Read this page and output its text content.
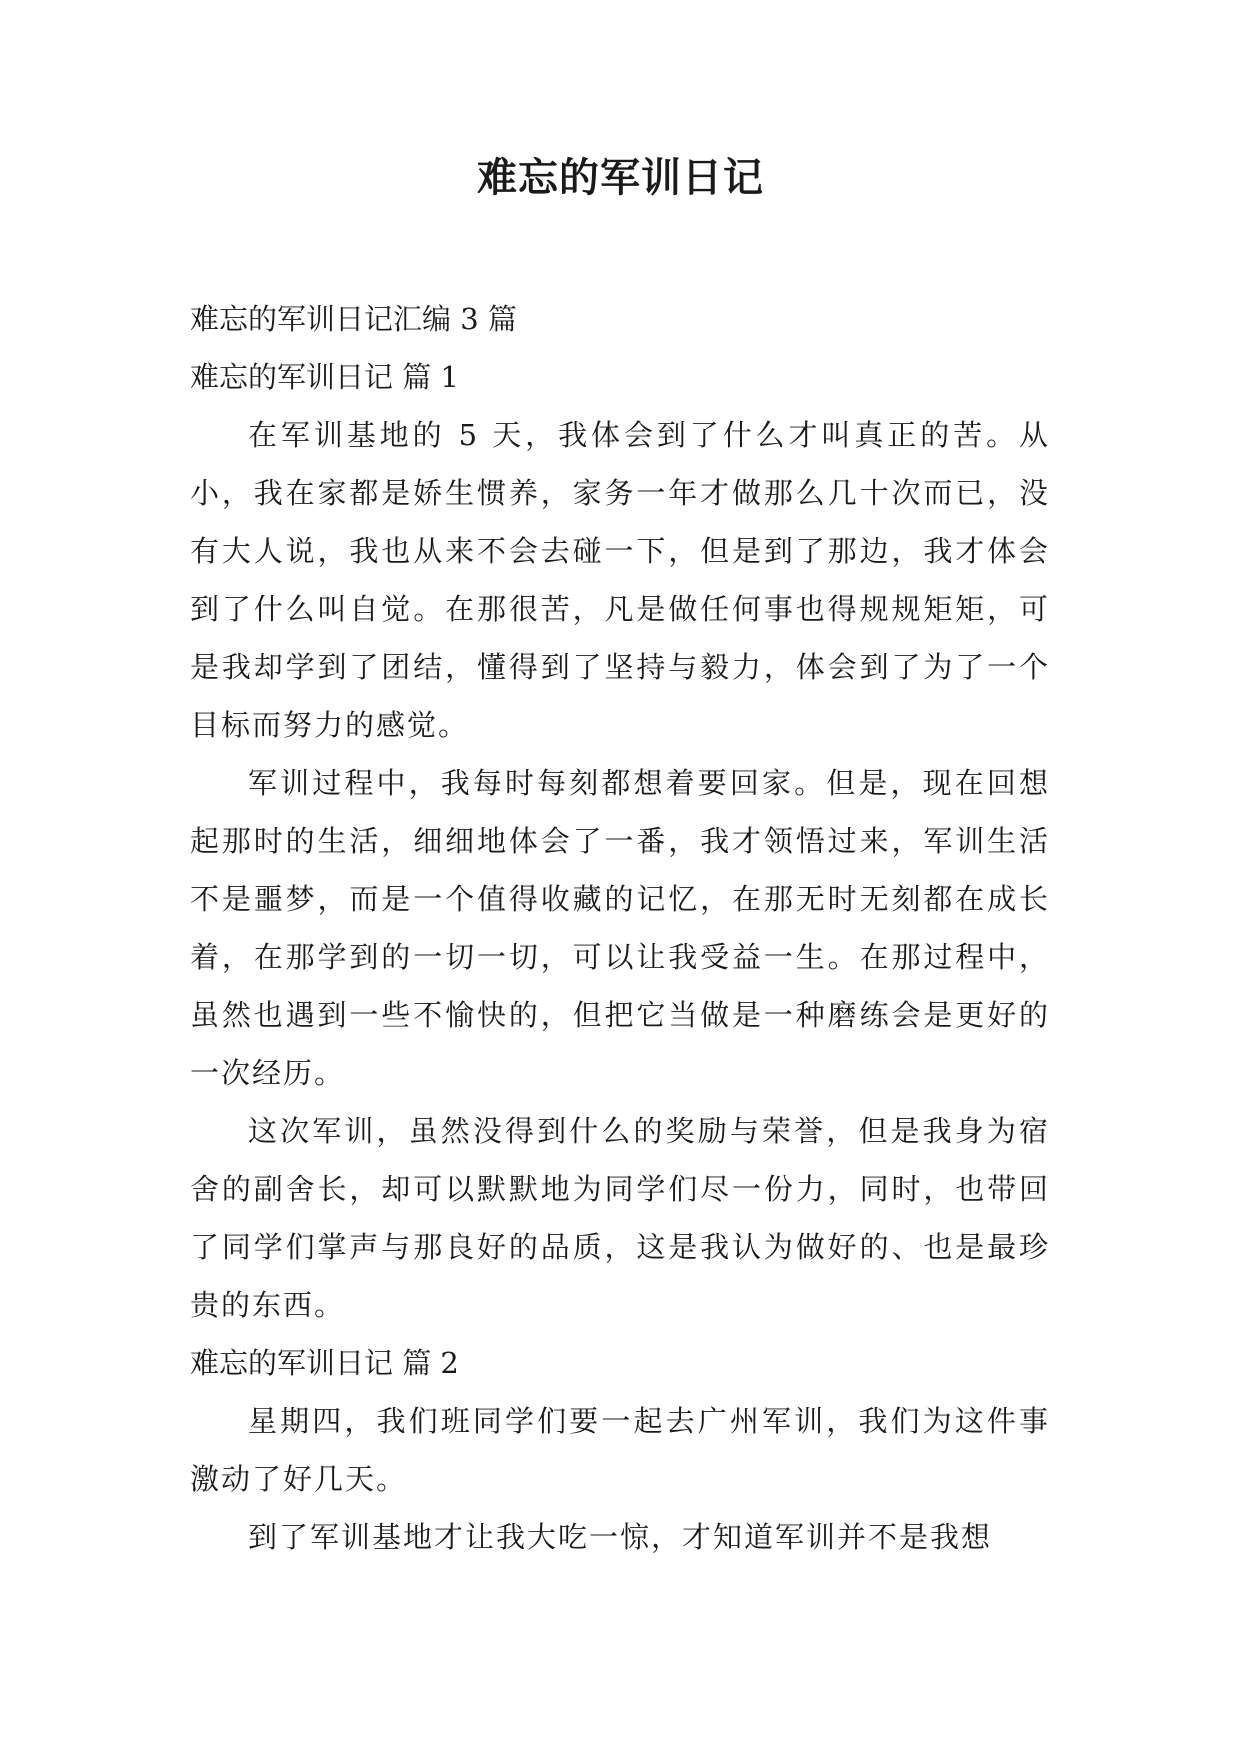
难忘的军训日记

难忘的军训日记汇编 3 篇

难忘的军训日记 篇 1

在军训基地的 5 天，我体会到了什么才叫真正的苦。从小，我在家都是娇生惯养，家务一年才做那么几十次而已，没有大人说，我也从来不会去碰一下，但是到了那边，我才体会到了什么叫自觉。在那很苦，凡是做任何事也得规规矩矩，可是我却学到了团结，懂得到了坚持与毅力，体会到了为了一个目标而努力的感觉。

军训过程中，我每时每刻都想着要回家。但是，现在回想起那时的生活，细细地体会了一番，我才领悟过来，军训生活不是噩梦，而是一个值得收藏的记忆，在那无时无刻都在成长着，在那学到的一切一切，可以让我受益一生。在那过程中，虽然也遇到一些不愉快的，但把它当做是一种磨练会是更好的一次经历。

这次军训，虽然没得到什么的奖励与荣誉，但是我身为宿舍的副舍长，却可以默默地为同学们尽一份力，同时，也带回了同学们掌声与那良好的品质，这是我认为做好的、也是最珍贵的东西。

难忘的军训日记 篇 2

星期四，我们班同学们要一起去广州军训，我们为这件事激动了好几天。

到了军训基地才让我大吃一惊，才知道军训并不是我想
